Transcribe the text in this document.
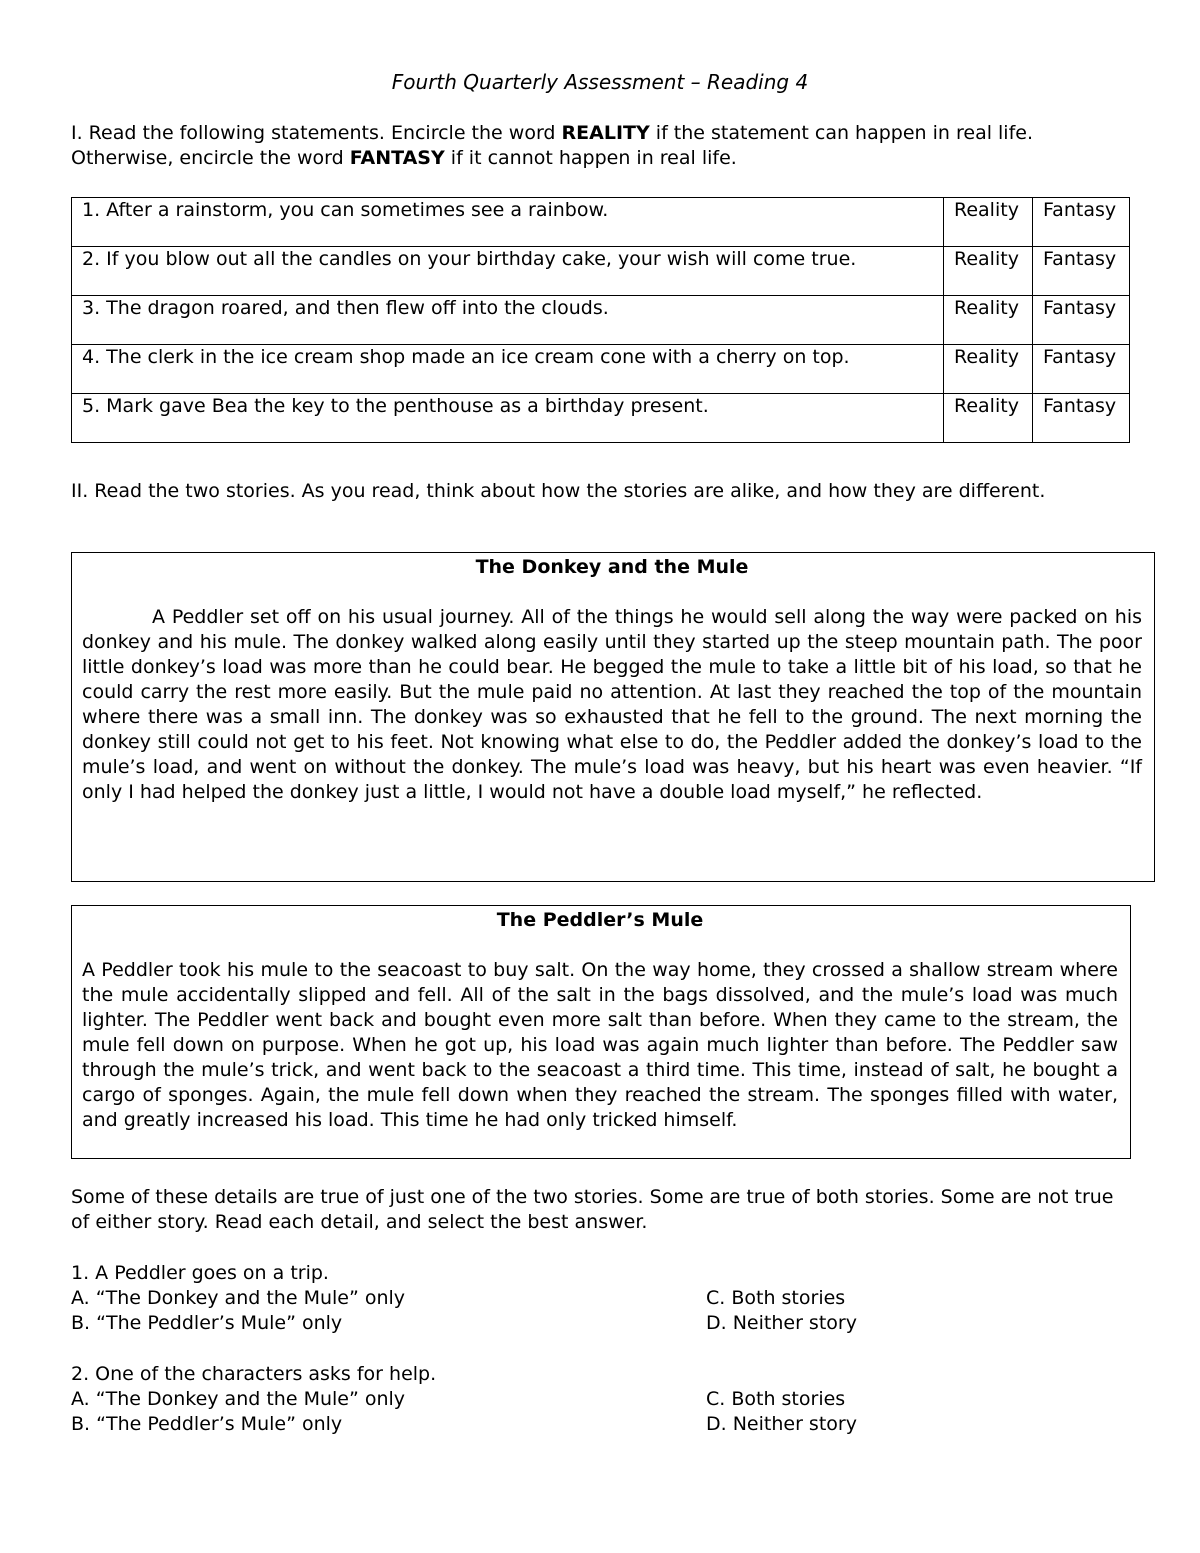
Fourth Quarterly Assessment – Reading 4
I. Read the following statements. Encircle the word REALITY if the statement can happen in real life. Otherwise, encircle the word FANTASY if it cannot happen in real life.
1. After a rainstorm, you can sometimes see a rainbow.	Reality	Fantasy
2. If you blow out all the candles on your birthday cake, your wish will come true.	Reality	Fantasy
3. The dragon roared, and then flew off into the clouds.	Reality	Fantasy
4. The clerk in the ice cream shop made an ice cream cone with a cherry on top.	Reality	Fantasy
5. Mark gave Bea the key to the penthouse as a birthday present.	Reality	Fantasy
II. Read the two stories. As you read, think about how the stories are alike, and how they are different.

The Donkey and the Mule

A Peddler set off on his usual journey. All of the things he would sell along the way were packed on his donkey and his mule. The donkey walked along easily until they started up the steep mountain path. The poor little donkey’s load was more than he could bear. He begged the mule to take a little bit of his load, so that he could carry the rest more easily. But the mule paid no attention. At last they reached the top of the mountain where there was a small inn. The donkey was so exhausted that he fell to the ground. The next morning the donkey still could not get to his feet. Not knowing what else to do, the Peddler added the donkey’s load to the mule’s load, and went on without the donkey. The mule’s load was heavy, but his heart was even heavier. “If only I had helped the donkey just a little, I would not have a double load myself,” he reflected.

The Peddler’s Mule

A Peddler took his mule to the seacoast to buy salt. On the way home, they crossed a shallow stream where the mule accidentally slipped and fell. All of the salt in the bags dissolved, and the mule’s load was much lighter. The Peddler went back and bought even more salt than before. When they came to the stream, the mule fell down on purpose. When he got up, his load was again much lighter than before. The Peddler saw through the mule’s trick, and went back to the seacoast a third time. This time, instead of salt, he bought a cargo of sponges. Again, the mule fell down when they reached the stream. The sponges filled with water, and greatly increased his load. This time he had only tricked himself.

Some of these details are true of just one of the two stories. Some are true of both stories. Some are not true of either story. Read each detail, and select the best answer.
1. A Peddler goes on a trip.
A. “The Donkey and the Mule” only
B. “The Peddler’s Mule” only
C. Both stories
D. Neither story
2. One of the characters asks for help.
A. “The Donkey and the Mule” only
B. “The Peddler’s Mule” only
C. Both stories
D. Neither story
